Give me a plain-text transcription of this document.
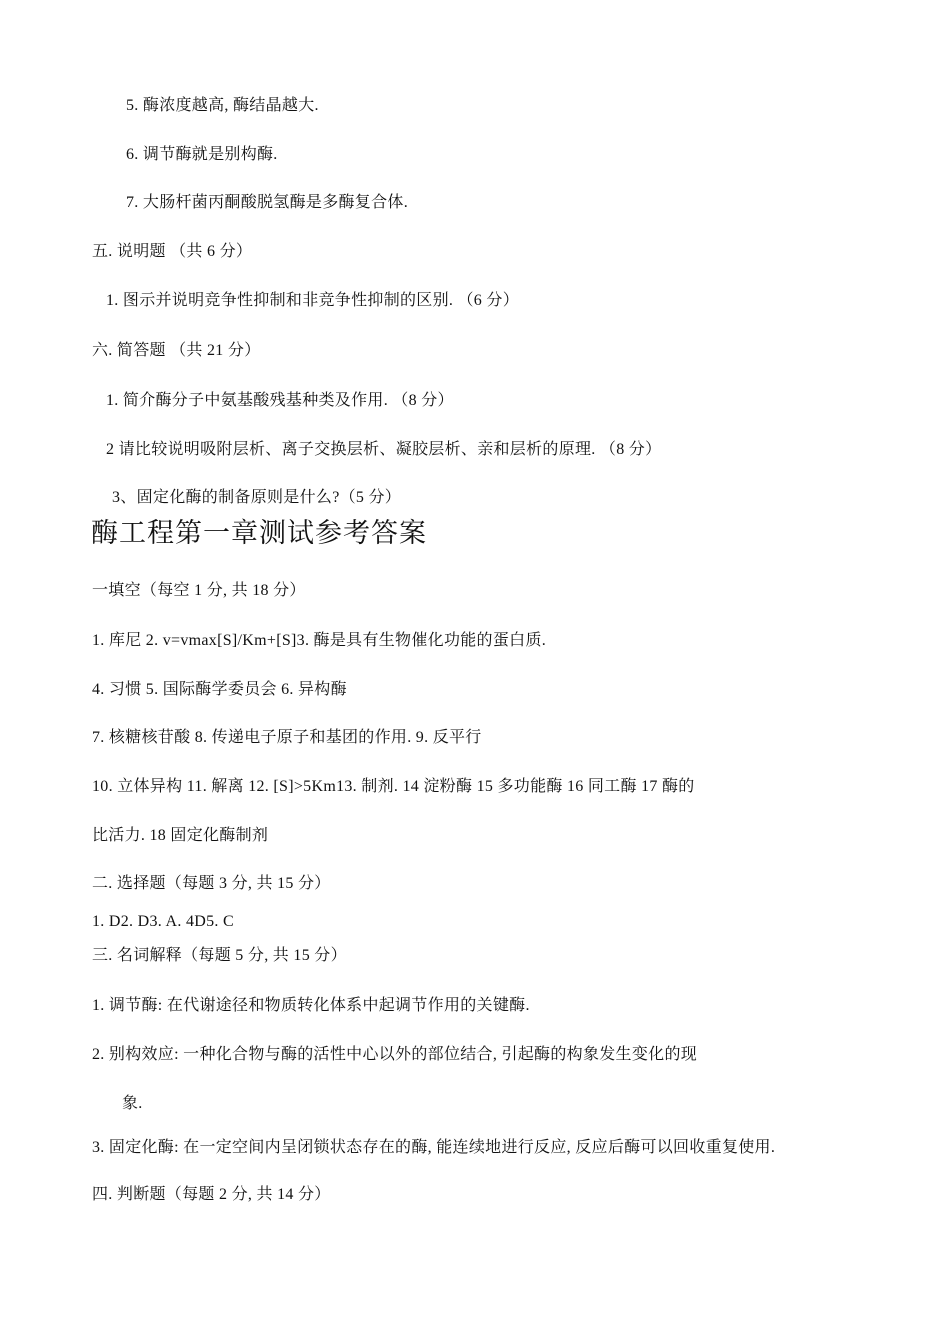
5. 酶浓度越高, 酶结晶越大.
6. 调节酶就是别构酶.
7. 大肠杆菌丙酮酸脱氢酶是多酶复合体.
五. 说明题 （共 6 分）
1. 图示并说明竞争性抑制和非竞争性抑制的区别. （6 分）
六. 简答题 （共 21 分）
1. 简介酶分子中氨基酸残基种类及作用. （8 分）
2 请比较说明吸附层析、离子交换层析、凝胶层析、亲和层析的原理. （8 分）
3、固定化酶的制备原则是什么?（5 分）
酶工程第一章测试参考答案
一填空（每空 1 分, 共 18 分）
1. 库尼 2. v=vmax[S]/Km+[S]3. 酶是具有生物催化功能的蛋白质.
4. 习惯 5. 国际酶学委员会 6. 异构酶
7. 核糖核苷酸 8. 传递电子原子和基团的作用. 9. 反平行
10. 立体异构 11. 解离 12. [S]>5Km13. 制剂. 14 淀粉酶 15 多功能酶 16 同工酶 17 酶的
比活力. 18 固定化酶制剂
二. 选择题（每题 3 分, 共 15 分）
1. D2. D3. A. 4D5. C
三. 名词解释（每题 5 分, 共 15 分）
1. 调节酶: 在代谢途径和物质转化体系中起调节作用的关键酶.
2. 别构效应: 一种化合物与酶的活性中心以外的部位结合, 引起酶的构象发生变化的现
象.
3. 固定化酶: 在一定空间内呈闭锁状态存在的酶, 能连续地进行反应, 反应后酶可以回收重复使用.
四. 判断题（每题 2 分, 共 14 分）
